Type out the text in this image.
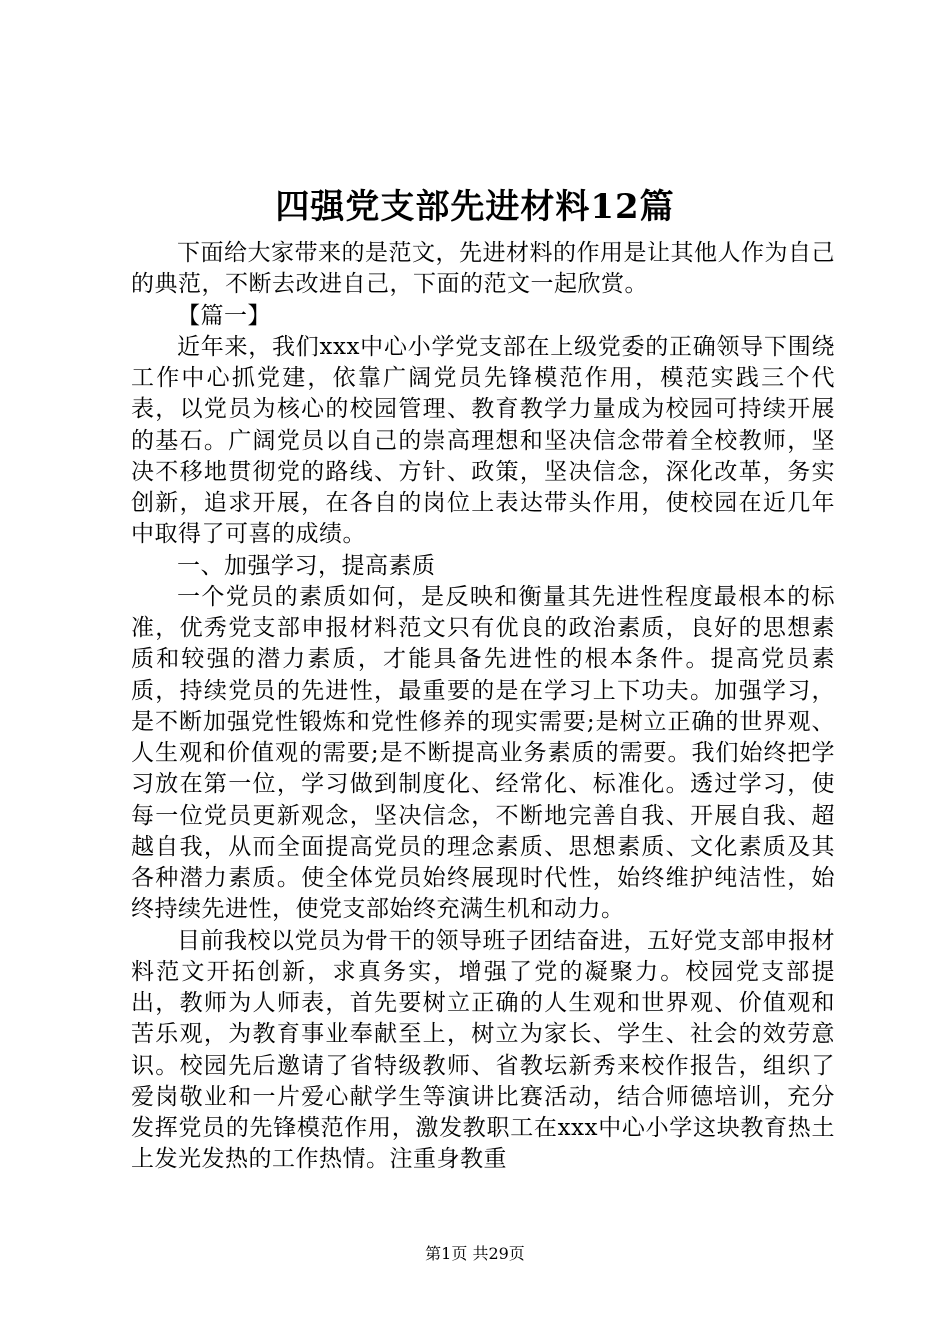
四强党支部先进材料12篇

下面给大家带来的是范文，先进材料的作用是让其他人作为自己的典范，不断去改进自己，下面的范文一起欣赏。

【篇一】

近年来，我们xxx中心小学党支部在上级党委的正确领导下围绕工作中心抓党建，依靠广阔党员先锋模范作用，模范实践三个代表，以党员为核心的校园管理、教育教学力量成为校园可持续开展的基石。广阔党员以自己的崇高理想和坚决信念带着全校教师，坚决不移地贯彻党的路线、方针、政策，坚决信念，深化改革，务实创新，追求开展，在各自的岗位上表达带头作用，使校园在近几年中取得了可喜的成绩。

一、加强学习，提高素质

一个党员的素质如何，是反映和衡量其先进性程度最根本的标准，优秀党支部申报材料范文只有优良的政治素质，良好的思想素质和较强的潜力素质，才能具备先进性的根本条件。提高党员素质，持续党员的先进性，最重要的是在学习上下功夫。加强学习，是不断加强党性锻炼和党性修养的现实需要;是树立正确的世界观、人生观和价值观的需要;是不断提高业务素质的需要。我们始终把学习放在第一位，学习做到制度化、经常化、标准化。透过学习，使每一位党员更新观念，坚决信念，不断地完善自我、开展自我、超越自我，从而全面提高党员的理念素质、思想素质、文化素质及其各种潜力素质。使全体党员始终展现时代性，始终维护纯洁性，始终持续先进性，使党支部始终充满生机和动力。

目前我校以党员为骨干的领导班子团结奋进，五好党支部申报材料范文开拓创新，求真务实，增强了党的凝聚力。校园党支部提出，教师为人师表，首先要树立正确的人生观和世界观、价值观和苦乐观，为教育事业奉献至上，树立为家长、学生、社会的效劳意识。校园先后邀请了省特级教师、省教坛新秀来校作报告，组织了爱岗敬业和一片爱心献学生等演讲比赛活动，结合师德培训，充分发挥党员的先锋模范作用，激发教职工在xxx中心小学这块教育热土上发光发热的工作热情。注重身教重

第1页 共29页
